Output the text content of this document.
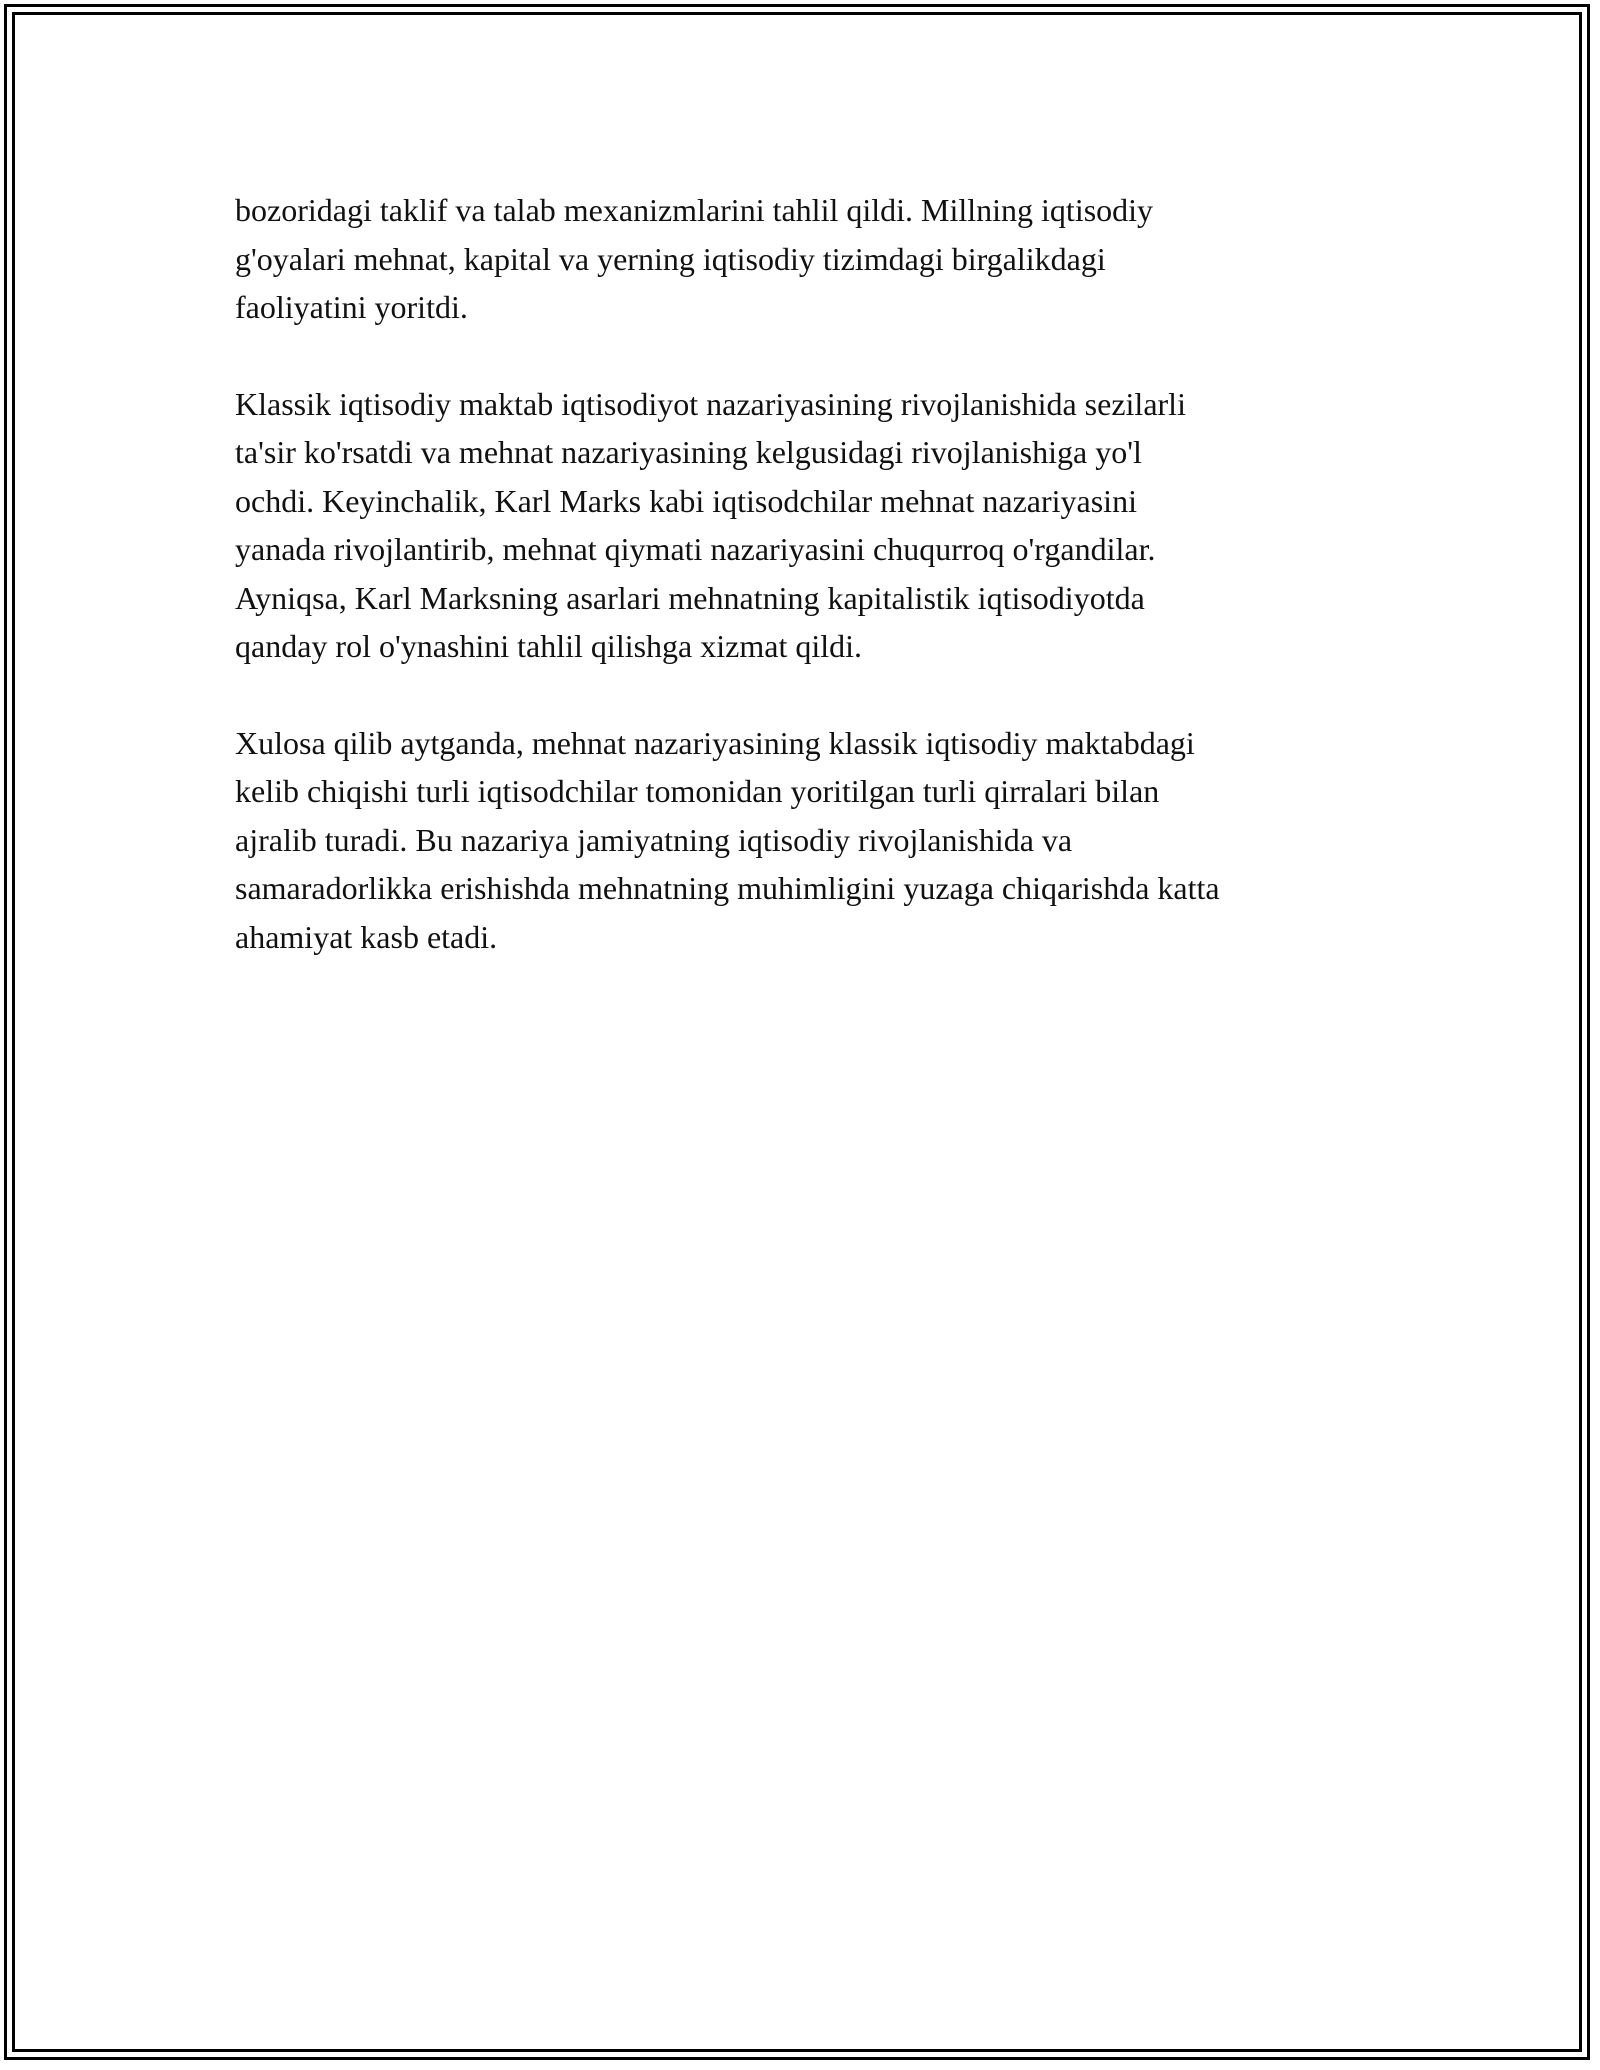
bozoridagi taklif va talab mexanizmlarini tahlil qildi. Millning iqtisodiy
g'oyalari mehnat, kapital va yerning iqtisodiy tizimdagi birgalikdagi
faoliyatini yoritdi.

Klassik iqtisodiy maktab iqtisodiyot nazariyasining rivojlanishida sezilarli
ta'sir ko'rsatdi va mehnat nazariyasining kelgusidagi rivojlanishiga yo'l
ochdi. Keyinchalik, Karl Marks kabi iqtisodchilar mehnat nazariyasini
yanada rivojlantirib, mehnat qiymati nazariyasini chuqurroq o'rgandilar.
Ayniqsa, Karl Marksning asarlari mehnatning kapitalistik iqtisodiyotda
qanday rol o'ynashini tahlil qilishga xizmat qildi.

Xulosa qilib aytganda, mehnat nazariyasining klassik iqtisodiy maktabdagi
kelib chiqishi turli iqtisodchilar tomonidan yoritilgan turli qirralari bilan
ajralib turadi. Bu nazariya jamiyatning iqtisodiy rivojlanishida va
samaradorlikka erishishda mehnatning muhimligini yuzaga chiqarishda katta
ahamiyat kasb etadi.
